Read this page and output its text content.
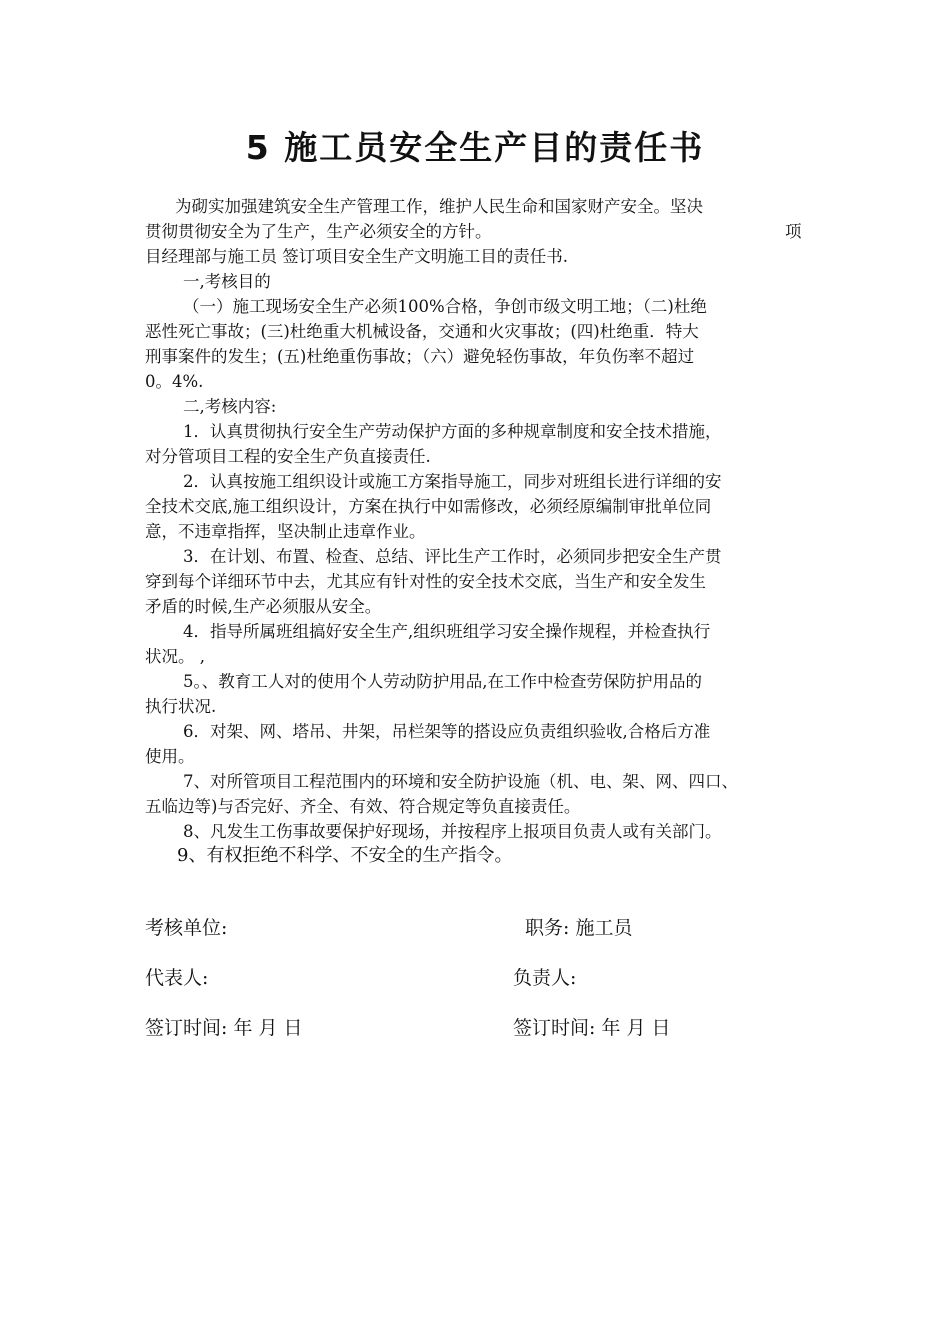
5 施工员安全生产目的责任书

为砌实加强建筑安全生产管理工作，维护人民生命和国家财产安全。坚决

贯彻贯彻安全为了生产，生产必须安全的方针。	项

目经理部与施工员 签订项目安全生产文明施工目的责任书.

一,考核目的

（一）施工现场安全生产必须100%合格，争创市级文明工地；（二)杜绝

恶性死亡事故；(三)杜绝重大机械设备，交通和火灾事故；(四)杜绝重．特大

刑事案件的发生；(五)杜绝重伤事故；（六）避免轻伤事故，年负伤率不超过

0。4%.

二,考核内容:

1．认真贯彻执行安全生产劳动保护方面的多种规章制度和安全技术措施，

对分管项目工程的安全生产负直接责任.

2．认真按施工组织设计或施工方案指导施工，同步对班组长进行详细的安

全技术交底,施工组织设计，方案在执行中如需修改，必须经原编制审批单位同

意，不违章指挥，坚决制止违章作业。

3．在计划、布置、检查、总结、评比生产工作时，必须同步把安全生产贯

穿到每个详细环节中去，尤其应有针对性的安全技术交底，当生产和安全发生

矛盾的时候,生产必须服从安全。

4．指导所属班组搞好安全生产,组织班组学习安全操作规程，并检查执行

状况。 ,

5。、教育工人对的使用个人劳动防护用品,在工作中检查劳保防护用品的

执行状况.

6．对架、网、塔吊、井架，吊栏架等的搭设应负责组织验收,合格后方准

使用。

7、对所管项目工程范围内的环境和安全防护设施（机、电、架、网、四口、

五临边等)与否完好、齐全、有效、符合规定等负直接责任。

8、凡发生工伤事故要保护好现场，并按程序上报项目负责人或有关部门。

9、有权拒绝不科学、不安全的生产指令。

考核单位:	职务: 施工员
代表人:	负责人:
签订时间: 年 月 日	签订时间: 年 月 日
